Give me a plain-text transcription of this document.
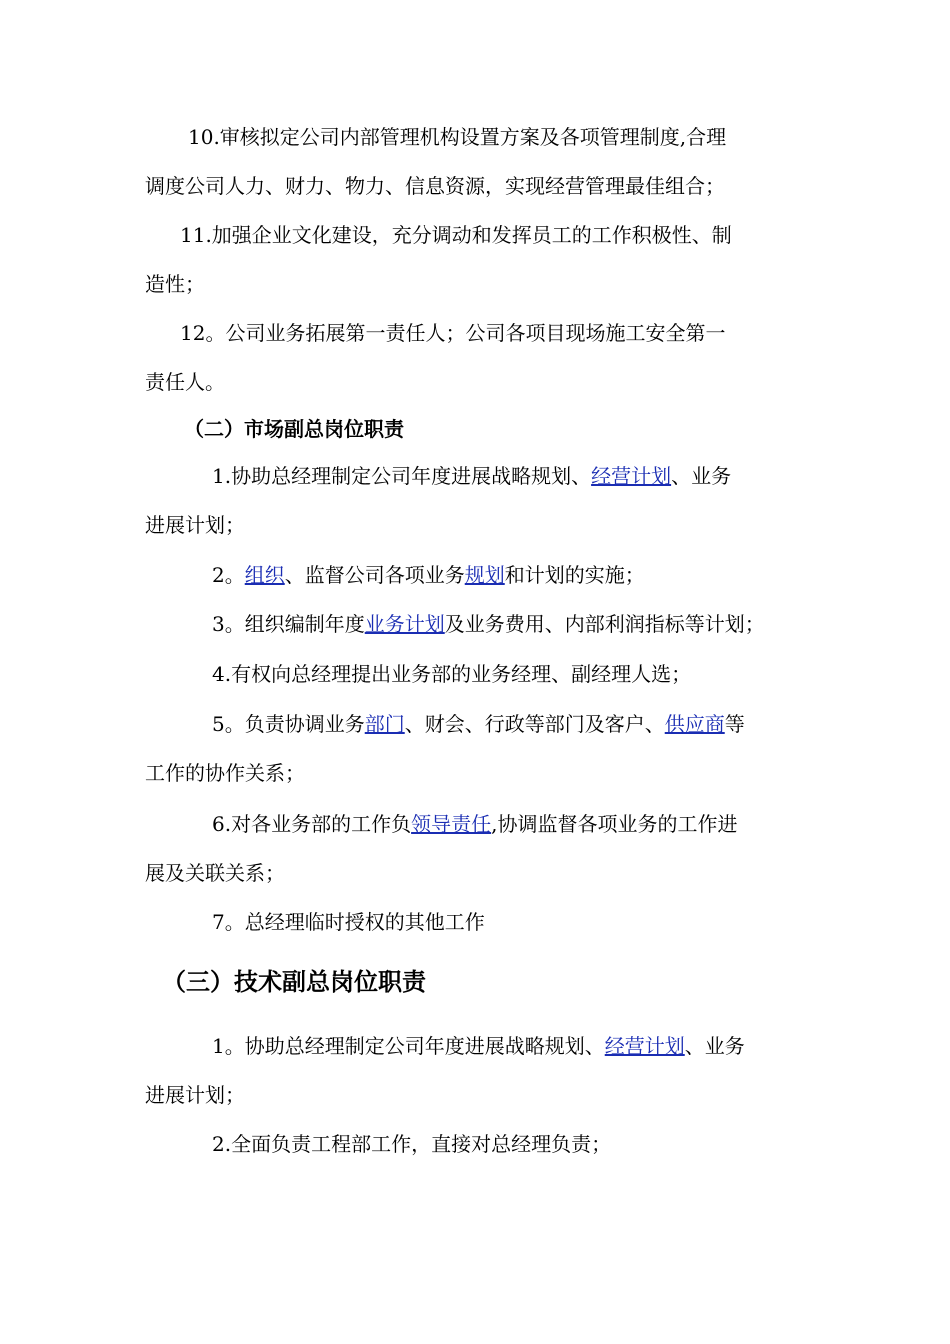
10.审核拟定公司内部管理机构设置方案及各项管理制度,合理
调度公司人力、财力、物力、信息资源，实现经营管理最佳组合；
11.加强企业文化建设，充分调动和发挥员工的工作积极性、制
造性；
12。公司业务拓展第一责任人；公司各项目现场施工安全第一
责任人。
（二）市场副总岗位职责
1.协助总经理制定公司年度进展战略规划、经营计划、业务
进展计划；
2。组织、监督公司各项业务规划和计划的实施；
3。组织编制年度业务计划及业务费用、内部利润指标等计划；
4.有权向总经理提出业务部的业务经理、副经理人选；
5。负责协调业务部门、财会、行政等部门及客户、供应商等
工作的协作关系；
6.对各业务部的工作负领导责任,协调监督各项业务的工作进
展及关联关系；
7。总经理临时授权的其他工作
（三）技术副总岗位职责
1。协助总经理制定公司年度进展战略规划、经营计划、业务
进展计划；
2.全面负责工程部工作，直接对总经理负责；
